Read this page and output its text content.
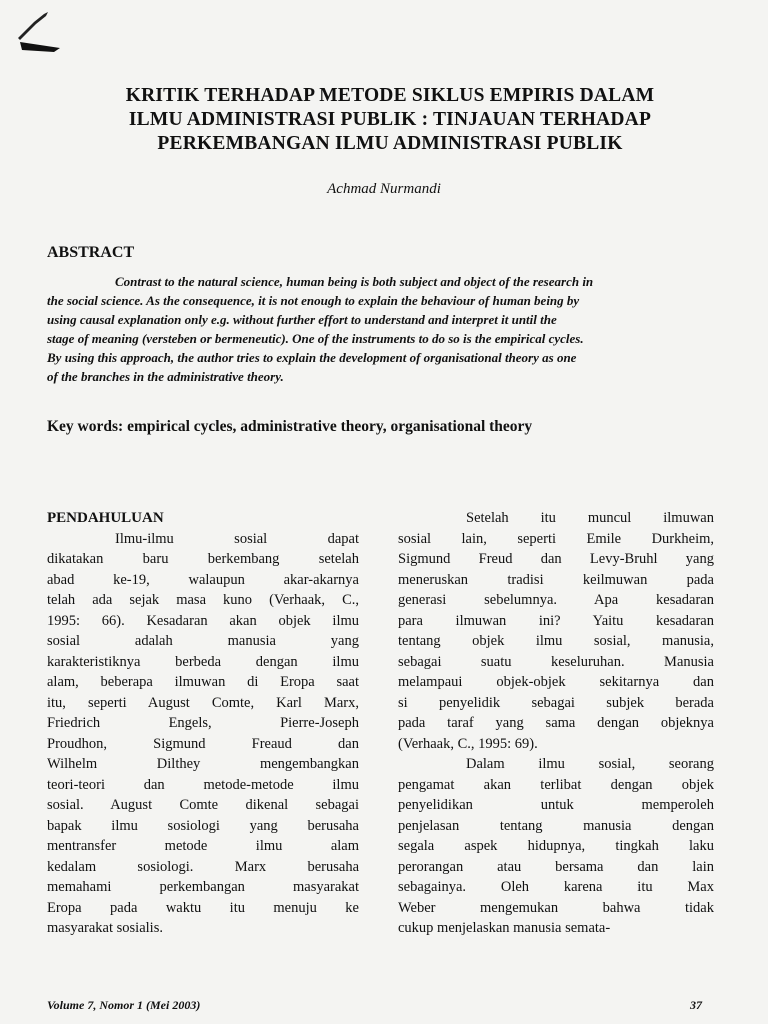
KRITIK TERHADAP METODE SIKLUS EMPIRIS DALAM
ILMU ADMINISTRASI PUBLIK : TINJAUAN TERHADAP
PERKEMBANGAN ILMU ADMINISTRASI PUBLIK
Achmad Nurmandi
ABSTRACT
Contrast to the natural science, human being is both subject and object of the research in
the social science. As the consequence, it is not enough to explain the behaviour of human being by
using causal explanation only e.g. without further effort to understand and interpret it until the
stage of meaning (versteben or bermeneutic). One of the instruments to do so is the empirical cycles.
By using this approach, the author tries to explain the development of organisational theory as one
of the branches in the administrative theory.
Key words: empirical cycles, administrative theory, organisational theory
PENDAHULUAN
Ilmu-ilmu sosial dapat
dikatakan baru berkembang setelah
abad ke-19, walaupun akar-akarnya
telah ada sejak masa kuno (Verhaak, C.,
1995: 66). Kesadaran akan objek ilmu
sosial adalah manusia yang
karakteristiknya berbeda dengan ilmu
alam, beberapa ilmuwan di Eropa saat
itu, seperti August Comte, Karl Marx,
Friedrich Engels, Pierre-Joseph
Proudhon, Sigmund Freaud dan
Wilhelm Dilthey mengembangkan
teori-teori dan metode-metode ilmu
sosial. August Comte dikenal sebagai
bapak ilmu sosiologi yang berusaha
mentransfer metode ilmu alam
kedalam sosiologi. Marx berusaha
memahami perkembangan masyarakat
Eropa pada waktu itu menuju ke
masyarakat sosialis.
Setelah itu muncul ilmuwan
sosial lain, seperti Emile Durkheim,
Sigmund Freud dan Levy-Bruhl yang
meneruskan tradisi keilmuwan pada
generasi sebelumnya. Apa kesadaran
para ilmuwan ini? Yaitu kesadaran
tentang objek ilmu sosial, manusia,
sebagai suatu keseluruhan. Manusia
melampaui objek-objek sekitarnya dan
si penyelidik sebagai subjek berada
pada taraf yang sama dengan objeknya
(Verhaak, C., 1995: 69).
Dalam ilmu sosial, seorang
pengamat akan terlibat dengan objek
penyelidikan untuk memperoleh
penjelasan tentang manusia dengan
segala aspek hidupnya, tingkah laku
perorangan atau bersama dan lain
sebagainya. Oleh karena itu Max
Weber mengemukan bahwa tidak
cukup menjelaskan manusia semata-
Volume 7, Nomor 1 (Mei 2003)	37
